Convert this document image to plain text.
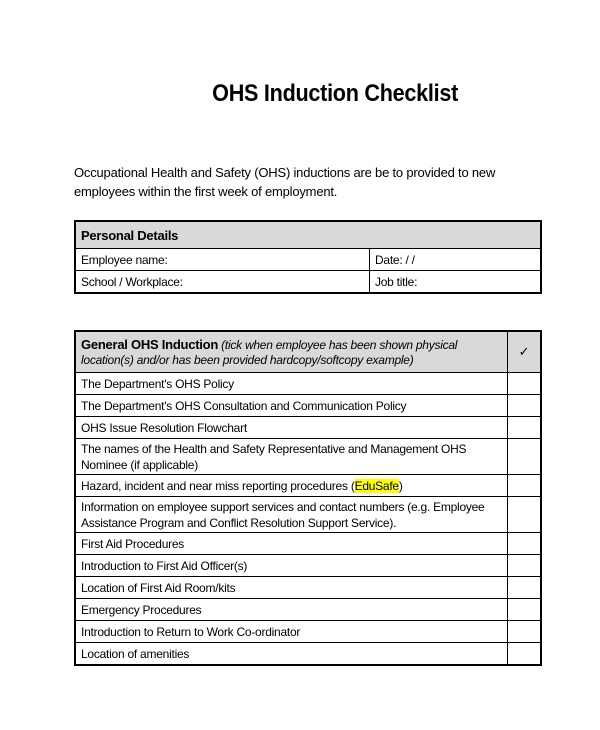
OHS Induction Checklist
Occupational Health and Safety (OHS) inductions are be to provided to new employees within the first week of employment.
Personal Details	
Employee name:	Date: / /
School / Workplace:	Job title:
General OHS Induction (tick when employee has been shown physical location(s) and/or has been provided hardcopy/softcopy example)	✓
The Department's OHS Policy	
The Department's OHS Consultation and Communication Policy	
OHS Issue Resolution Flowchart	
The names of the Health and Safety Representative and Management OHS Nominee (if applicable)	
Hazard, incident and near miss reporting procedures (EduSafe)	
Information on employee support services and contact numbers (e.g. Employee Assistance Program and Conflict Resolution Support Service).	
First Aid Procedures	
Introduction to First Aid Officer(s)	
Location of First Aid Room/kits	
Emergency Procedures	
Introduction to Return to Work Co-ordinator	
Location of amenities	
